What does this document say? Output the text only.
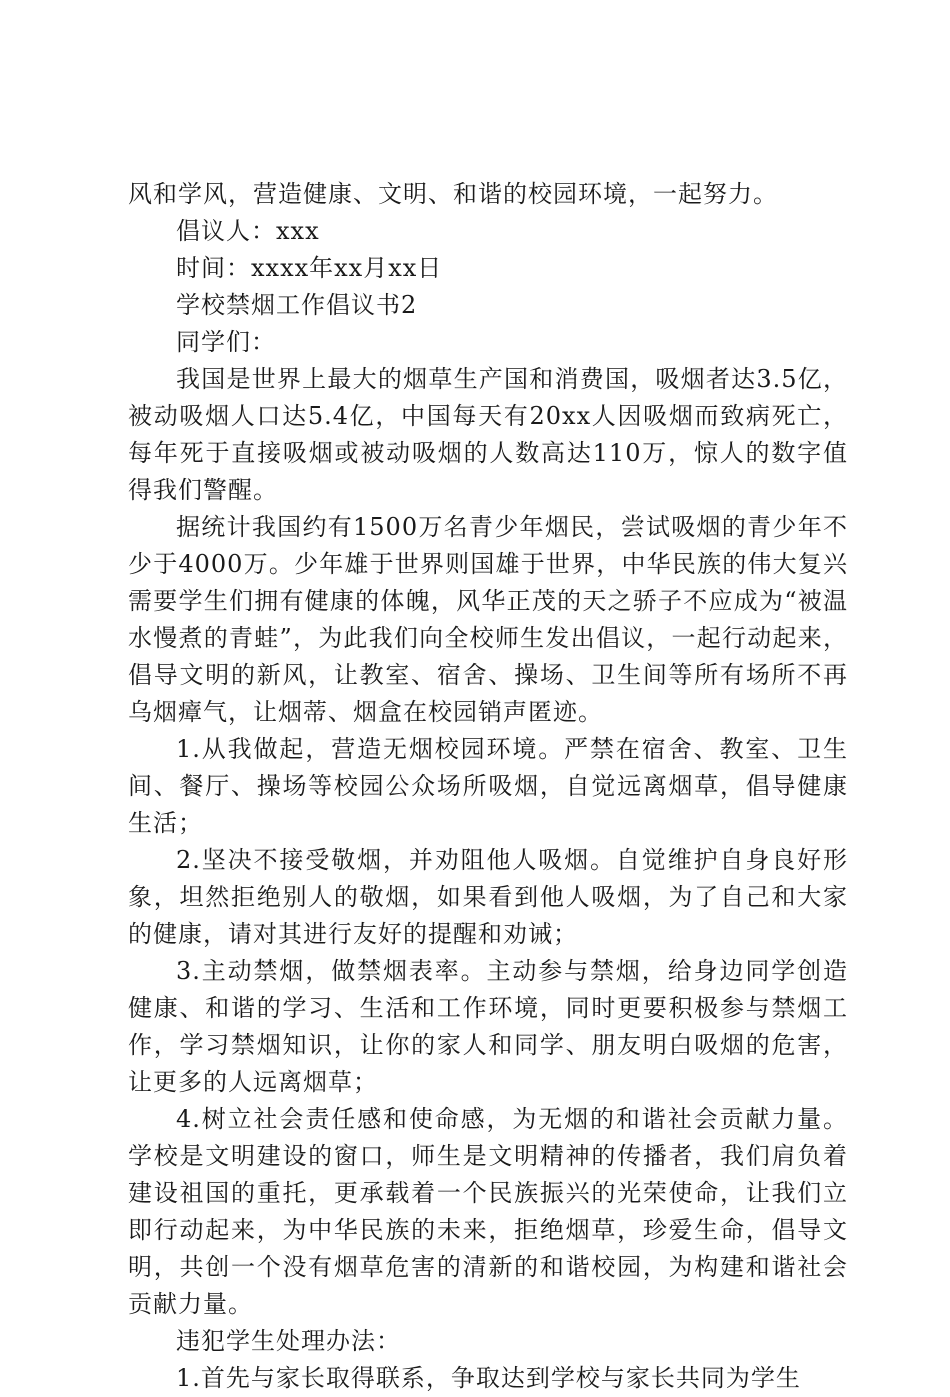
风和学风，营造健康、文明、和谐的校园环境，一起努力。

倡议人：xxx

时间：xxxx年xx月xx日

学校禁烟工作倡议书2

同学们：

我国是世界上最大的烟草生产国和消费国，吸烟者达3.5亿，被动吸烟人口达5.4亿，中国每天有20xx人因吸烟而致病死亡，每年死于直接吸烟或被动吸烟的人数高达110万，惊人的数字值得我们警醒。

据统计我国约有1500万名青少年烟民，尝试吸烟的青少年不少于4000万。少年雄于世界则国雄于世界，中华民族的伟大复兴需要学生们拥有健康的体魄，风华正茂的天之骄子不应成为“被温水慢煮的青蛙”，为此我们向全校师生发出倡议，一起行动起来，倡导文明的新风，让教室、宿舍、操场、卫生间等所有场所不再乌烟瘴气，让烟蒂、烟盒在校园销声匿迹。

1.从我做起，营造无烟校园环境。严禁在宿舍、教室、卫生间、餐厅、操场等校园公众场所吸烟，自觉远离烟草，倡导健康生活；

2.坚决不接受敬烟，并劝阻他人吸烟。自觉维护自身良好形象，坦然拒绝别人的敬烟，如果看到他人吸烟，为了自己和大家的健康，请对其进行友好的提醒和劝诫；

3.主动禁烟，做禁烟表率。主动参与禁烟，给身边同学创造健康、和谐的学习、生活和工作环境，同时更要积极参与禁烟工作，学习禁烟知识，让你的家人和同学、朋友明白吸烟的危害，让更多的人远离烟草；

4.树立社会责任感和使命感，为无烟的和谐社会贡献力量。学校是文明建设的窗口，师生是文明精神的传播者，我们肩负着建设祖国的重托，更承载着一个民族振兴的光荣使命，让我们立即行动起来，为中华民族的未来，拒绝烟草，珍爱生命，倡导文明，共创一个没有烟草危害的清新的和谐校园，为构建和谐社会贡献力量。

违犯学生处理办法：

1.首先与家长取得联系，争取达到学校与家长共同为学生
